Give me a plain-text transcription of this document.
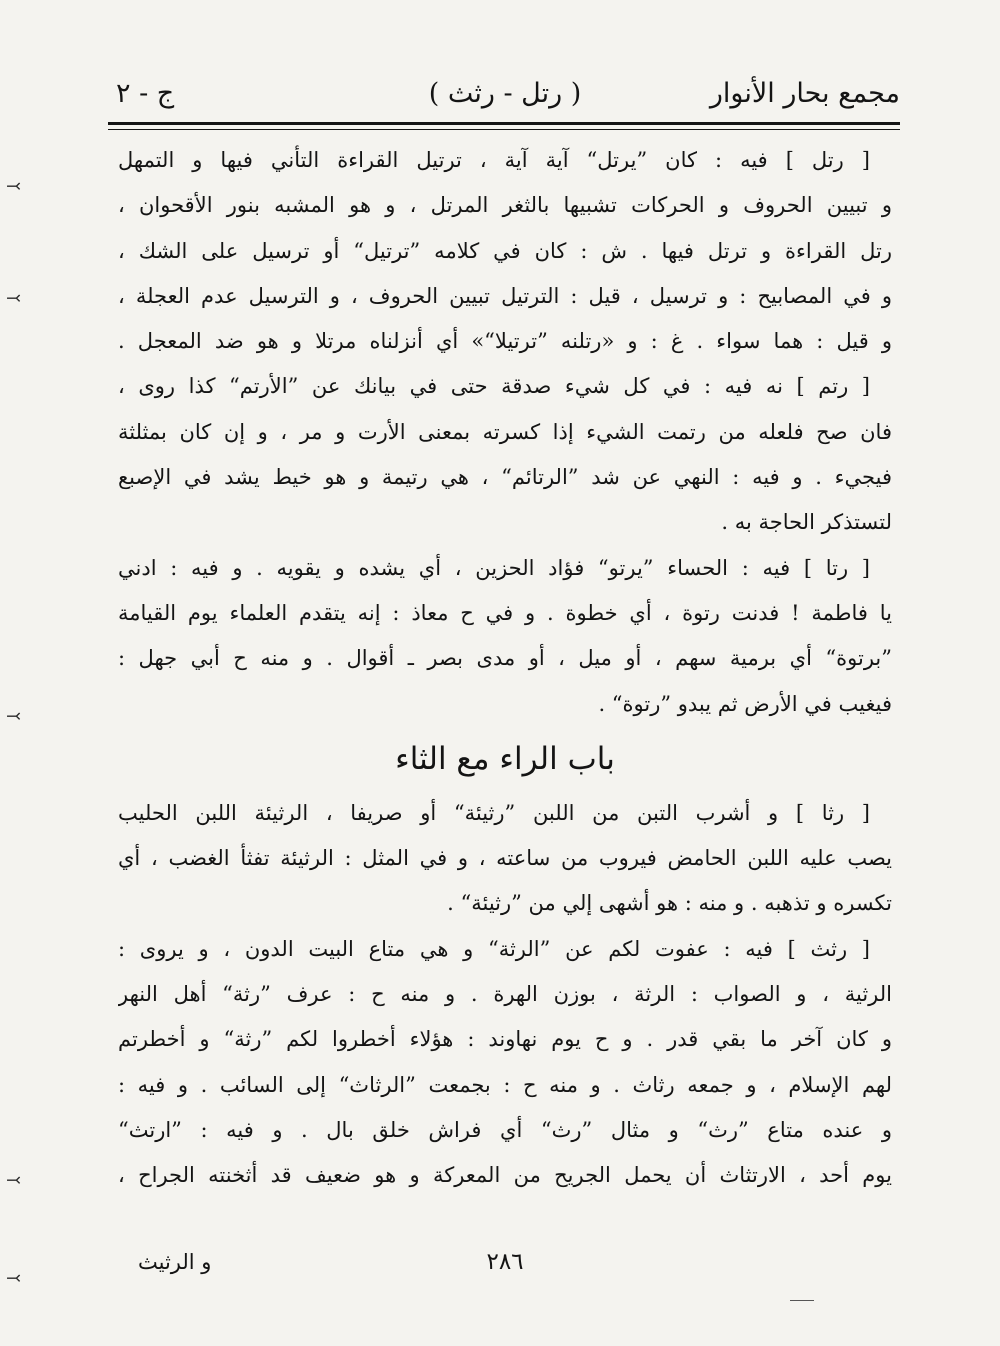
مجمع بحار الأنوار
( رتل - رثث )
ج - ٢
[ رتل ] فيه : كان ”يرتل“ آية آية ، ترتيل القراءة التأني فيها و التمهل
و تبيين الحروف و الحركات تشبيها بالثغر المرتل ، و هو المشبه بنور الأقحوان ،
رتل القراءة و ترتل فيها . ش : كان في كلامه ”ترتيل“ أو ترسيل على الشك ،
و في المصابيح : و ترسيل ، قيل : الترتيل تبيين الحروف ، و الترسيل عدم العجلة ،
و قيل : هما سواء . غ : و «رتلنه ”ترتيلا“» أي أنزلناه مرتلا و هو ضد المعجل .
[ رتم ] نه فيه : في كل شيء صدقة حتى في بيانك عن ”الأرتم“ كذا روى ،
فان صح فلعله من رتمت الشيء إذا كسرته بمعنى الأرت و مر ، و إن كان بمثلثة
فيجيء . و فيه : النهي عن شد ”الرتائم“ ، هي رتيمة و هو خيط يشد في الإصبع
لتستذكر الحاجة به .
[ رتا ] فيه : الحساء ”يرتو“ فؤاد الحزين ، أي يشده و يقويه . و فيه : ادني
يا فاطمة ! فدنت رتوة ، أي خطوة . و في ح معاذ : إنه يتقدم العلماء يوم القيامة
”برتوة“ أي برمية سهم ، أو ميل ، أو مدى بصر ـ أقوال . و منه ح أبي جهل :
فيغيب في الأرض ثم يبدو ”رتوة“ .
باب الراء مع الثاء
[ رثا ] و أشرب التبن من اللبن ”رثيئة“ أو صريفا ، الرثيئة اللبن الحليب
يصب عليه اللبن الحامض فيروب من ساعته ، و في المثل : الرثيئة تفثأ الغضب ، أي
تكسره و تذهبه . و منه : هو أشهى إلي من ”رثيئة“ .
[ رثث ] فيه : عفوت لكم عن ”الرثة“ و هي متاع البيت الدون ، و يروى :
الرثية ، و الصواب : الرثة ، بوزن الهرة . و منه ح : عرف ”رثة“ أهل النهر
و كان آخر ما بقي قدر . و ح يوم نهاوند : هؤلاء أخطروا لكم ”رثة“ و أخطرتم
لهم الإسلام ، و جمعه رثاث . و منه ح : بجمعت ”الرثاث“ إلى السائب . و فيه :
و عنده متاع ”رث“ و مثال ”رث“ أي فراش خلق بال . و فيه : ”ارتث“
يوم أحد ، الارتثاث أن يحمل الجريح من المعركة و هو ضعيف قد أثخنته الجراح ،
٢٨٦
و الرثيث
⤙
⤙
⤙
⤙
⤙
